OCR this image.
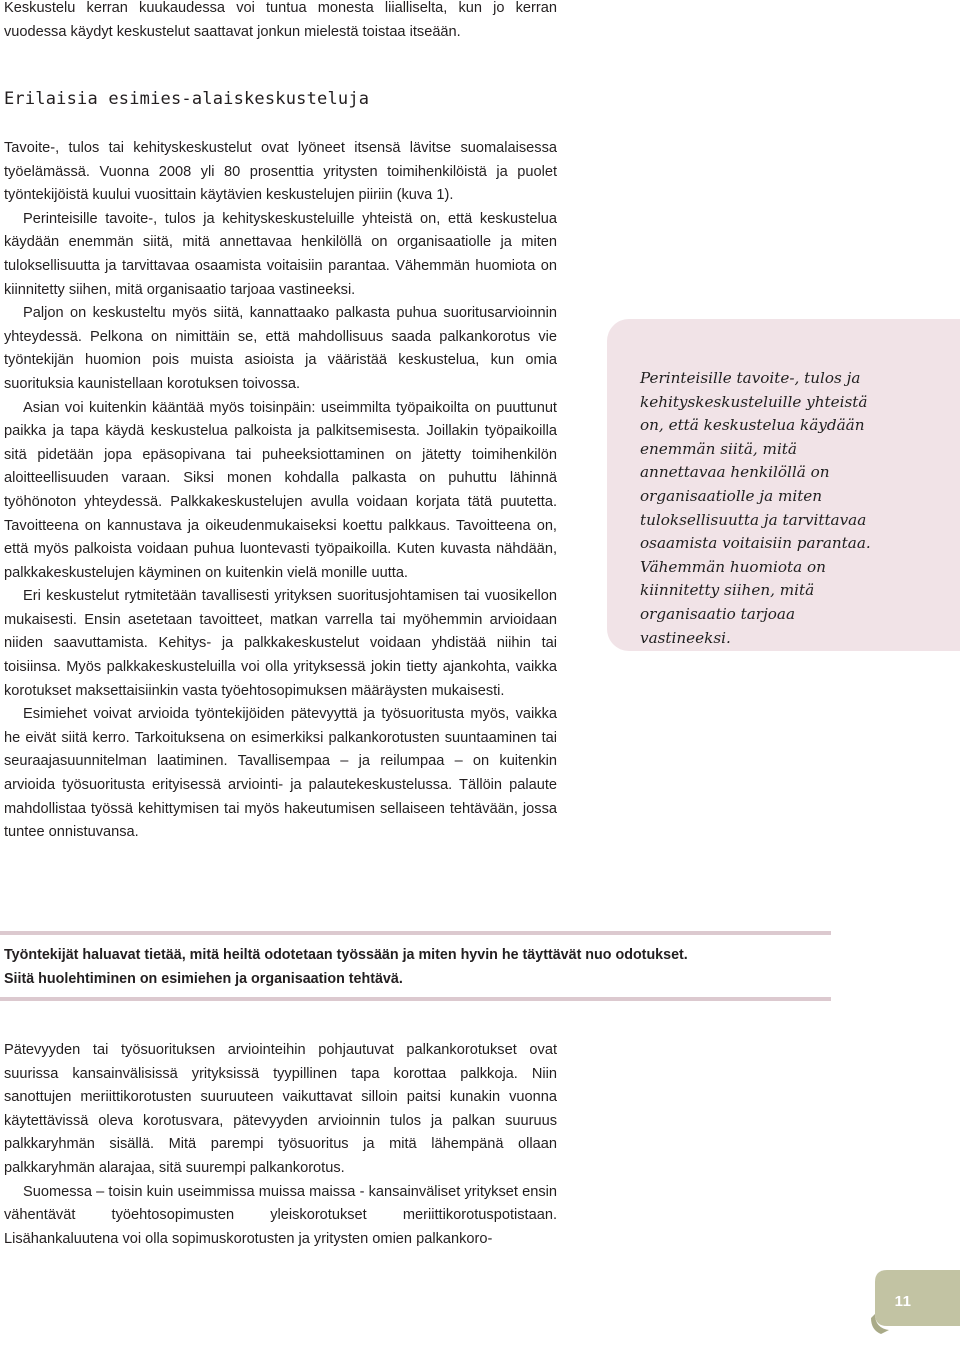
Keskustelu kerran kuukaudessa voi tuntua monesta liialliselta, kun jo kerran vuodessa käydyt keskustelut saattavat jonkun mielestä toistaa itseään.

Erilaisia esimies-alaiskeskusteluja

Tavoite-, tulos tai kehityskeskustelut ovat lyöneet itsensä lävitse suomalaisessa työelämässä. Vuonna 2008 yli 80 prosenttia yritysten toimihenkilöistä ja puolet työntekijöistä kuului vuosittain käytävien keskustelujen piiriin (kuva 1).

Perinteisille tavoite-, tulos ja kehityskeskusteluille yhteistä on, että keskustelua käydään enemmän siitä, mitä annettavaa henkilöllä on organisaatiolle ja miten tuloksellisuutta ja tarvittavaa osaamista voitaisiin parantaa. Vähemmän huomiota on kiinnitetty siihen, mitä organisaatio tarjoaa vastineeksi.

Paljon on keskusteltu myös siitä, kannattaako palkasta puhua suoritusarvioinnin yhteydessä. Pelkona on nimittäin se, että mahdollisuus saada palkankorotus vie työntekijän huomion pois muista asioista ja vääristää keskustelua, kun omia suorituksia kaunistellaan korotuksen toivossa.

Asian voi kuitenkin kääntää myös toisinpäin: useimmilta työpaikoilta on puuttunut paikka ja tapa käydä keskustelua palkoista ja palkitsemisesta. Joillakin työpaikoilla sitä pidetään jopa epäsopivana tai puheeksiottaminen on jätetty toimihenkilön aloitteellisuuden varaan. Siksi monen kohdalla palkasta on puhuttu lähinnä työhönoton yhteydessä. Palkkakeskustelujen avulla voidaan korjata tätä puutetta. Tavoitteena on kannustava ja oikeudenmukaiseksi koettu palkkaus. Tavoitteena on, että myös palkoista voidaan puhua luontevasti työpaikoilla. Kuten kuvasta nähdään, palkkakeskustelujen käyminen on kuitenkin vielä monille uutta.

Eri keskustelut rytmitetään tavallisesti yrityksen suoritusjohtamisen tai vuosikellon mukaisesti. Ensin asetetaan tavoitteet, matkan varrella tai myöhemmin arvioidaan niiden saavuttamista. Kehitys- ja palkkakeskustelut voidaan yhdistää niihin tai toisiinsa. Myös palkkakeskusteluilla voi olla yrityksessä jokin tietty ajankohta, vaikka korotukset maksettaisiinkin vasta työehtosopimuksen määräysten mukaisesti.

Esimiehet voivat arvioida työntekijöiden pätevyyttä ja työsuoritusta myös, vaikka he eivät siitä kerro. Tarkoituksena on esimerkiksi palkankorotusten suuntaaminen tai seuraajasuunnitelman laatiminen. Tavallisempaa – ja reilumpaa – on kuitenkin arvioida työsuoritusta erityisessä arviointi- ja palautekeskustelussa. Tällöin palaute mahdollistaa työssä kehittymisen tai myös hakeutumisen sellaiseen tehtävään, jossa tuntee onnistuvansa.

Perinteisille tavoite-, tulos ja kehityskeskusteluille yhteistä on, että keskustelua käydään enemmän siitä, mitä annettavaa henkilöllä on organisaatiolle ja miten tuloksellisuutta ja tarvittavaa osaamista voitaisiin parantaa. Vähemmän huomiota on kiinnitetty siihen, mitä organisaatio tarjoaa vastineeksi.

Työntekijät haluavat tietää, mitä heiltä odotetaan työssään ja miten hyvin he täyttävät nuo odotukset.
Siitä huolehtiminen on esimiehen ja organisaation tehtävä.

Pätevyyden tai työsuorituksen arviointeihin pohjautuvat palkankorotukset ovat suurissa kansainvälisissä yrityksissä tyypillinen tapa korottaa palkkoja. Niin sanottujen meriittikorotusten suuruuteen vaikuttavat silloin paitsi kunakin vuonna käytettävissä oleva korotusvara, pätevyyden arvioinnin tulos ja palkan suuruus palkkaryhmän sisällä. Mitä parempi työsuoritus ja mitä lähempänä ollaan palkkaryhmän alarajaa, sitä suurempi palkankorotus.

Suomessa – toisin kuin useimmissa muissa maissa - kansainväliset yritykset ensin vähentävät työehtosopimusten yleiskorotukset meriittikorotuspotistaan. Lisähankaluutena voi olla sopimuskorotusten ja yritysten omien palkankoro-

11
